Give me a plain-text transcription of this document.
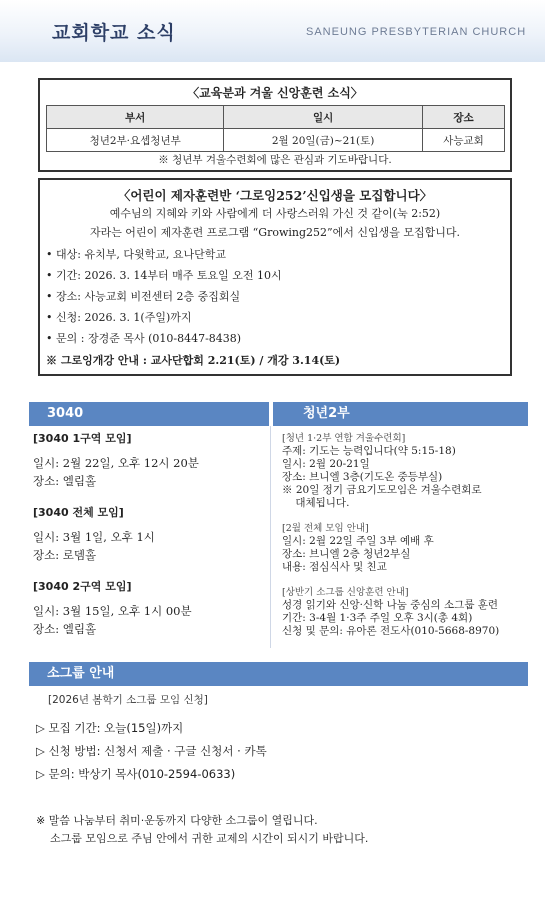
교회학교 소식	SANEUNG PRESBYTERIAN CHURCH
〈교육분과 겨울 신앙훈련 소식〉
부서	일시	장소
청년2부·요셉청년부	2월 20일(금)~21(토)	사능교회
※ 청년부 겨울수련회에 많은 관심과 기도바랍니다.
〈어린이 제자훈련반 ‘그로잉252’신입생을 모집합니다〉
예수님의 지혜와 키와 사람에게 더 사랑스러워 가신 것 같이(눅 2:52)
자라는 어린이 제자훈련 프로그램 “Growing252”에서 신입생을 모집합니다.
• 대상: 유치부, 다윗학교, 요나단학교
• 기간: 2026. 3. 14부터 매주 토요일 오전 10시
• 장소: 사능교회 비전센터 2층 중집회실
• 신청: 2026. 3. 1(주일)까지
• 문의 : 장경준 목사 (010-8447-8438)
※ 그로잉개강 안내 : 교사단합회 2.21(토) / 개강 3.14(토)
3040	청년2부
[3040 1구역 모임]
일시: 2월 22일, 오후 12시 20분
장소: 엘림홀
[3040 전체 모임]
일시: 3월 1일, 오후 1시
장소: 로뎀홀
[3040 2구역 모임]
일시: 3월 15일, 오후 1시 00분
장소: 엘림홀
[청년 1·2부 연합 겨울수련회]
주제: 기도는 능력입니다(약 5:15-18)
일시: 2월 20-21일
장소: 브니엘 3층(기도온 중등부실)
※ 20일 정기 금요기도모임은 겨울수련회로
대체됩니다.
[2월 전체 모임 안내]
일시: 2월 22일 주일 3부 예배 후
장소: 브니엘 2층 청년2부실
내용: 점심식사 및 친교
[상반기 소그룹 신앙훈련 안내]
성경 읽기와 신앙·신학 나눔 중심의 소그룹 훈련
기간: 3-4월 1·3주 주일 오후 3시(총 4회)
신청 및 문의: 유아론 전도사(010-5668-8970)
소그룹 안내
[2026년 봄학기 소그룹 모임 신청]
▷ 모집 기간: 오늘(15일)까지
▷ 신청 방법: 신청서 제출 · 구글 신청서 · 카톡
▷ 문의: 박상기 목사(010-2594-0633)
※ 말씀 나눔부터 취미·운동까지 다양한 소그룹이 열립니다.
소그룹 모임으로 주님 안에서 귀한 교제의 시간이 되시기 바랍니다.
